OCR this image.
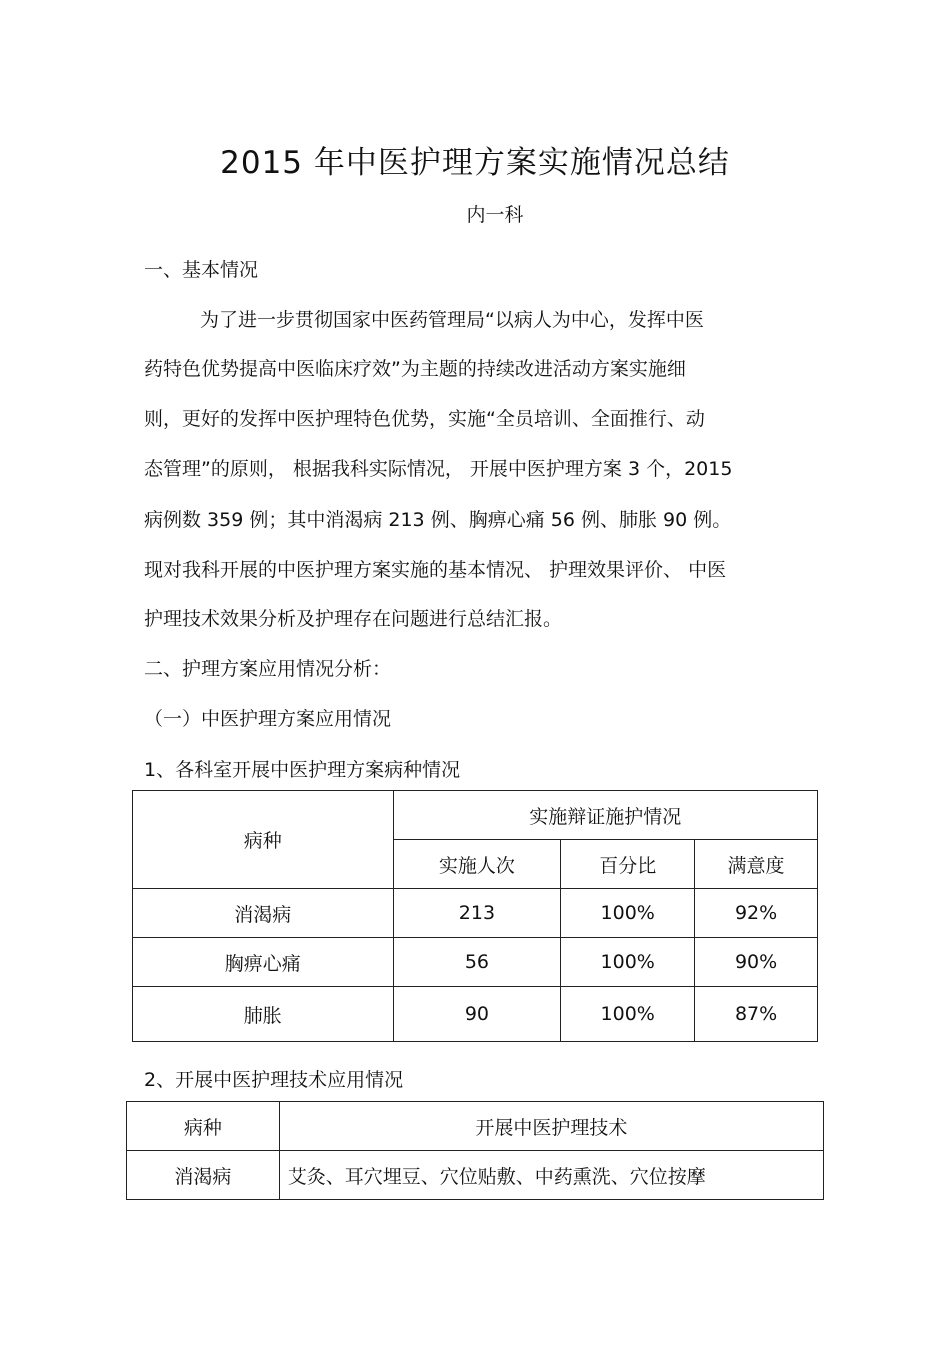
2015 年中医护理方案实施情况总结
内一科
一、基本情况
为了进一步贯彻国家中医药管理局“以病人为中心，发挥中医
药特色优势提高中医临床疗效”为主题的持续改进活动方案实施细
则，更好的发挥中医护理特色优势，实施“全员培训、全面推行、动
态管理”的原则， 根据我科实际情况， 开展中医护理方案 3 个，2015
病例数 359 例；其中消渴病 213 例、胸痹心痛 56 例、肺胀 90 例。
现对我科开展的中医护理方案实施的基本情况、 护理效果评价、 中医
护理技术效果分析及护理存在问题进行总结汇报。
二、护理方案应用情况分析：
（一）中医护理方案应用情况
1、各科室开展中医护理方案病种情况
病种	实施辩证施护情况		
	实施人次	百分比	满意度
消渴病	213	100%	92%
胸痹心痛	56	100%	90%
肺胀	90	100%	87%
2、开展中医护理技术应用情况
病种	开展中医护理技术
消渴病	艾灸、耳穴埋豆、穴位贴敷、中药熏洗、穴位按摩
